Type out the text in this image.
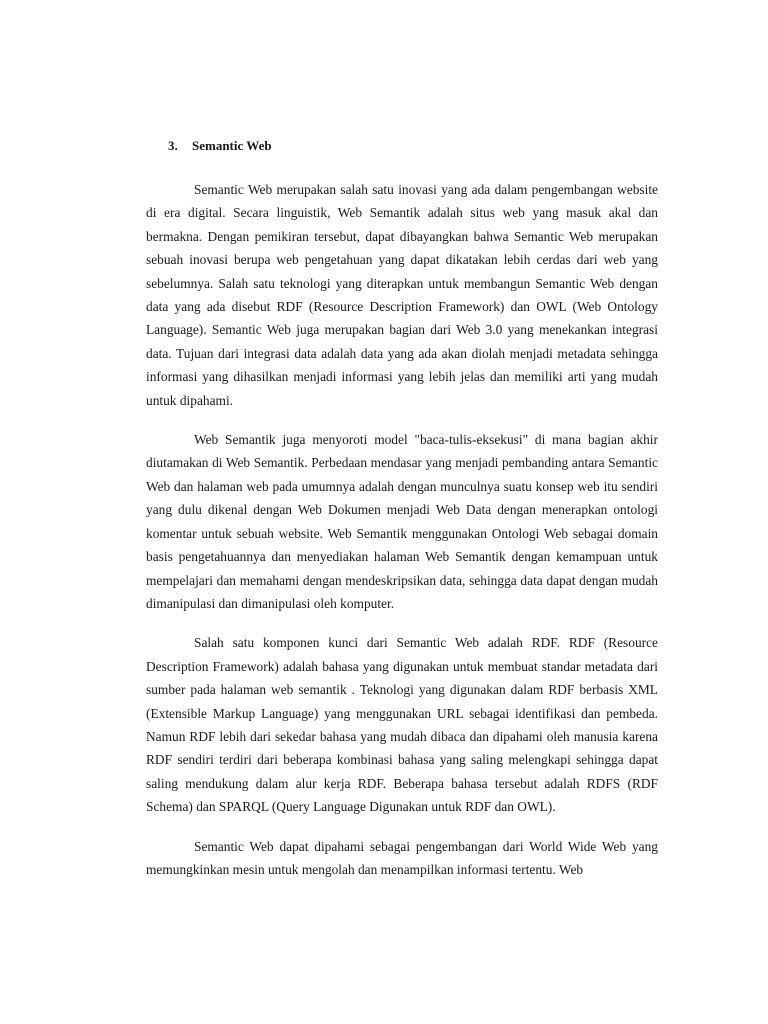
3. Semantic Web

Semantic Web merupakan salah satu inovasi yang ada dalam pengembangan website di era digital. Secara linguistik, Web Semantik adalah situs web yang masuk akal dan bermakna. Dengan pemikiran tersebut, dapat dibayangkan bahwa Semantic Web merupakan sebuah inovasi berupa web pengetahuan yang dapat dikatakan lebih cerdas dari web yang sebelumnya. Salah satu teknologi yang diterapkan untuk membangun Semantic Web dengan data yang ada disebut RDF (Resource Description Framework) dan OWL (Web Ontology Language). Semantic Web juga merupakan bagian dari Web 3.0 yang menekankan integrasi data. Tujuan dari integrasi data adalah data yang ada akan diolah menjadi metadata sehingga informasi yang dihasilkan menjadi informasi yang lebih jelas dan memiliki arti yang mudah untuk dipahami.

Web Semantik juga menyoroti model "baca-tulis-eksekusi" di mana bagian akhir diutamakan di Web Semantik. Perbedaan mendasar yang menjadi pembanding antara Semantic Web dan halaman web pada umumnya adalah dengan munculnya suatu konsep web itu sendiri yang dulu dikenal dengan Web Dokumen menjadi Web Data dengan menerapkan ontologi komentar untuk sebuah website. Web Semantik menggunakan Ontologi Web sebagai domain basis pengetahuannya dan menyediakan halaman Web Semantik dengan kemampuan untuk mempelajari dan memahami dengan mendeskripsikan data, sehingga data dapat dengan mudah dimanipulasi dan dimanipulasi oleh komputer.

Salah satu komponen kunci dari Semantic Web adalah RDF. RDF (Resource Description Framework) adalah bahasa yang digunakan untuk membuat standar metadata dari sumber pada halaman web semantik . Teknologi yang digunakan dalam RDF berbasis XML (Extensible Markup Language) yang menggunakan URL sebagai identifikasi dan pembeda. Namun RDF lebih dari sekedar bahasa yang mudah dibaca dan dipahami oleh manusia karena RDF sendiri terdiri dari beberapa kombinasi bahasa yang saling melengkapi sehingga dapat saling mendukung dalam alur kerja RDF. Beberapa bahasa tersebut adalah RDFS (RDF Schema) dan SPARQL (Query Language Digunakan untuk RDF dan OWL).

Semantic Web dapat dipahami sebagai pengembangan dari World Wide Web yang memungkinkan mesin untuk mengolah dan menampilkan informasi tertentu. Web
